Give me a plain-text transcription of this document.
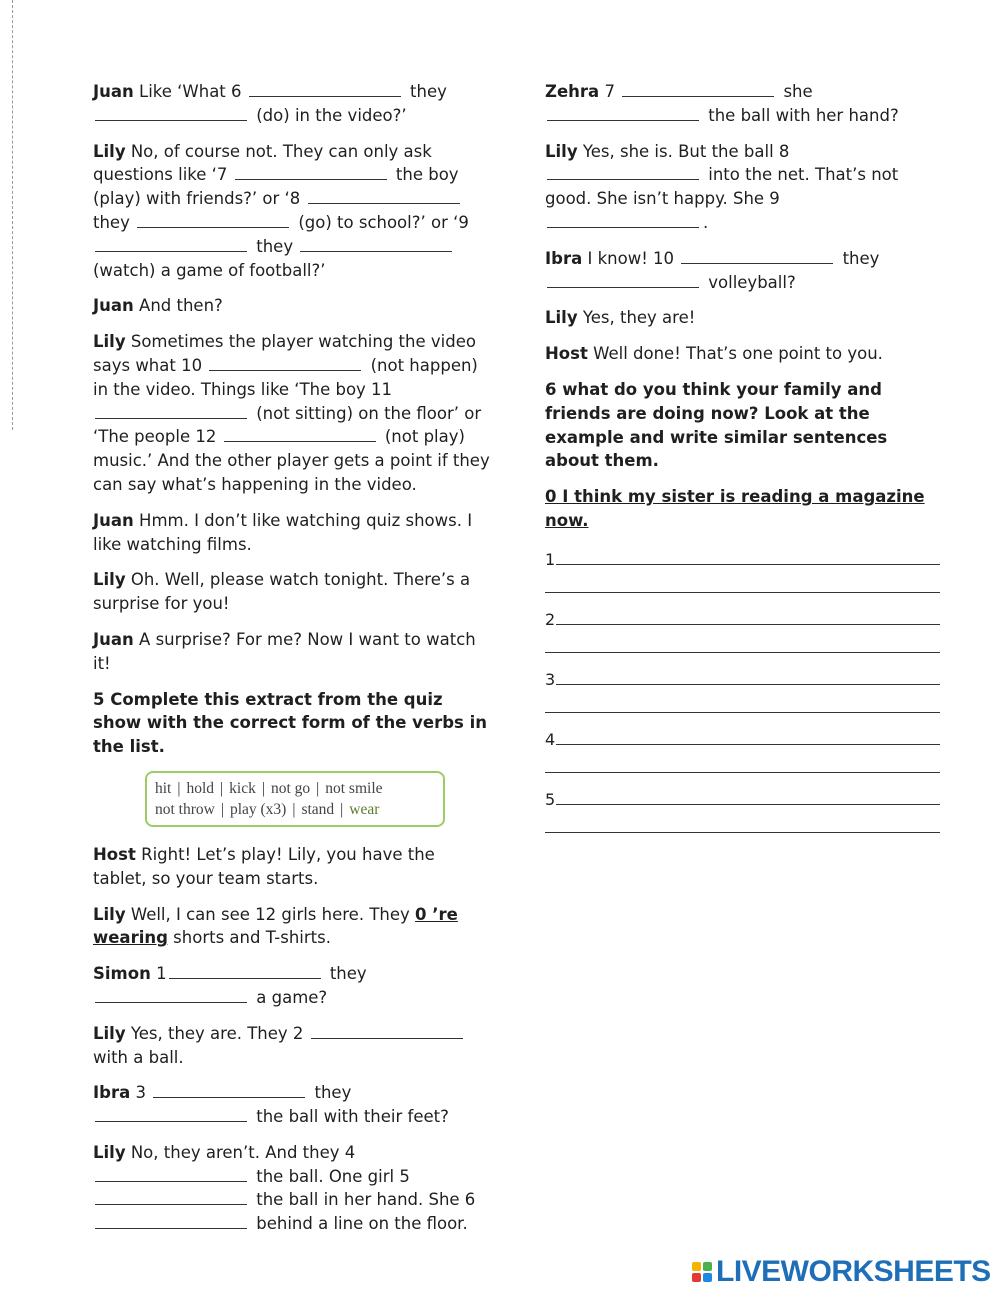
Juan Like ‘What 6	they  (do) in the video?’

Lily No, of course not. They can only ask questions like ‘7	the boy (play) with friends?’ or ‘8  they	(go) to school?’ or ‘9  they  (watch) a game of football?’

Juan And then?

Lily Sometimes the player watching the video says what 10	(not happen) in the video. Things like ‘The boy 11  (not sitting) on the floor’ or ‘The people 12	(not play) music.’ And the other player gets a point if they can say what’s happening in the video.

Juan Hmm. I don’t like watching quiz shows. I like watching films.

Lily Oh. Well, please watch tonight. There’s a surprise for you!

Juan A surprise? For me? Now I want to watch it!

5 Complete this extract from the quiz show with the correct form of the verbs in the list.

hit | hold | kick | not go | not smile
not throw | play (x3) | stand | wear

Host Right! Let’s play! Lily, you have the tablet, so your team starts.

Lily Well, I can see 12 girls here. They 0 ’re wearing shorts and T-shirts.

Simon 1	they  a game?

Lily Yes, they are. They 2  with a ball.

Ibra 3	they  the ball with their feet?

Lily No, they aren’t. And they 4  the ball. One girl 5  the ball in her hand. She 6  behind a line on the floor.

Zehra 7	she  the ball with her hand?

Lily Yes, she is. But the ball 8  into the net. That’s not good. She isn’t happy. She 9 .

Ibra I know! 10	they  volleyball?

Lily Yes, they are!

Host Well done! That’s one point to you.

6 what do you think your family and friends are doing now? Look at the example and write similar sentences about them.

0 I think my sister is reading a magazine now.

1
2
3
4
5
LIVEWORKSHEETS
